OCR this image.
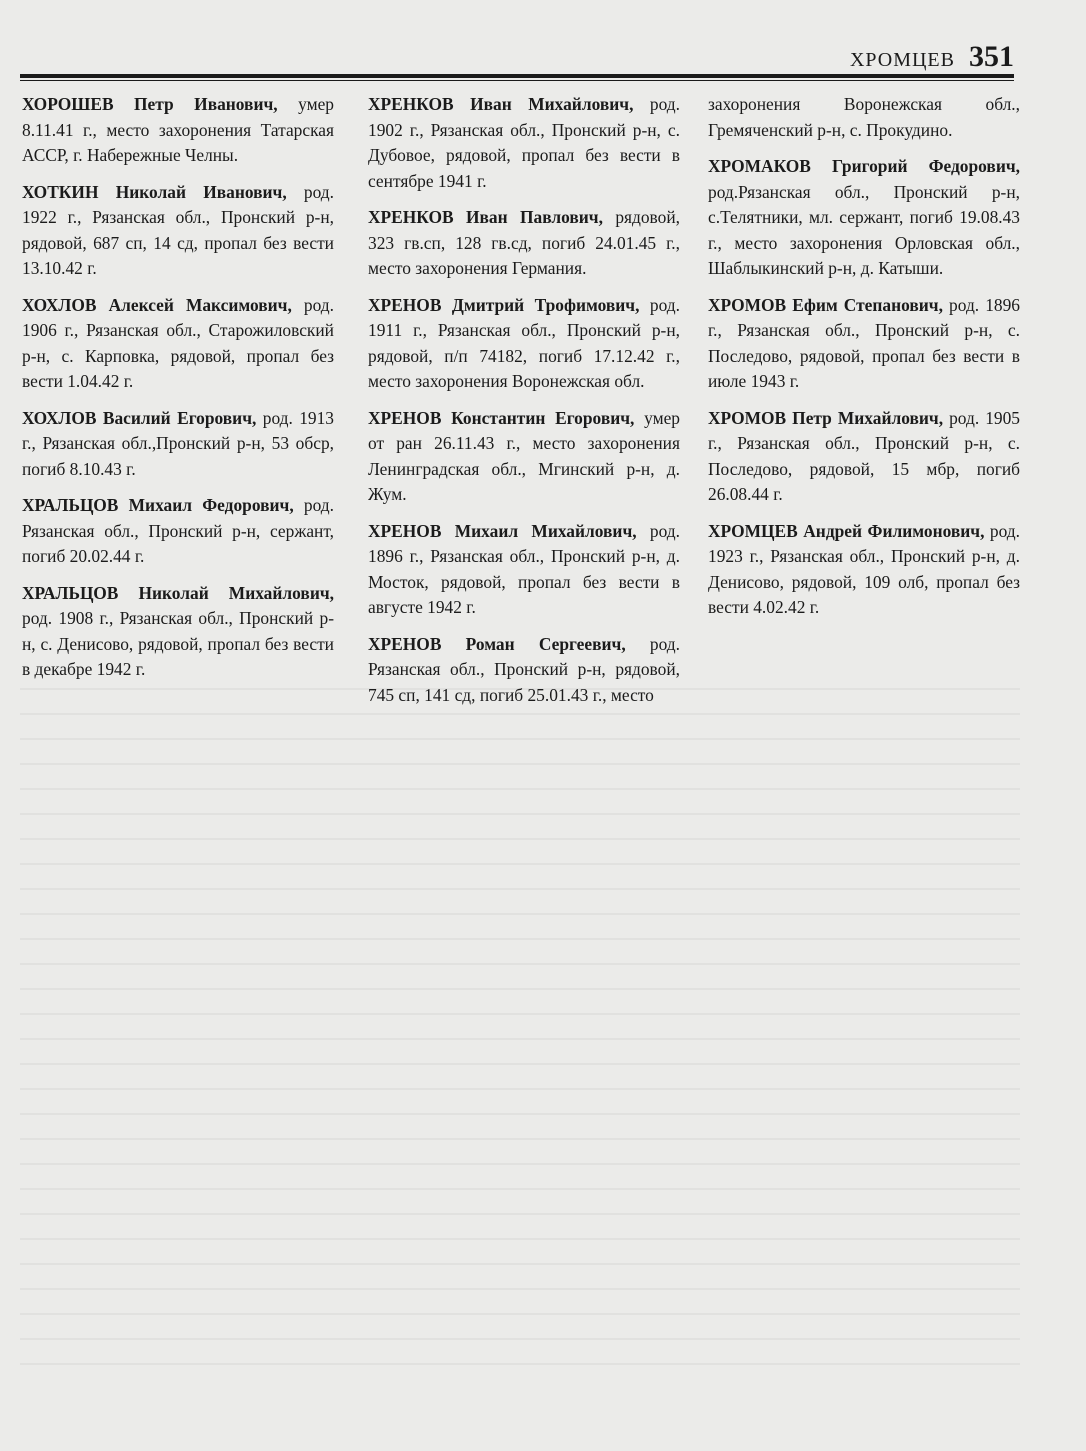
ХРОМЦЕВ 351

ХОРОШЕВ Петр Иванович, умер 8.11.41 г., место захоронения Татарская АССР, г. Набережные Челны.

ХОТКИН Николай Иванович, род. 1922 г., Рязанская обл., Пронский р-н, рядовой, 687 сп, 14 сд, пропал без вести 13.10.42 г.

ХОХЛОВ Алексей Максимович, род. 1906 г., Рязанская обл., Старожиловский р-н, с. Карповка, рядовой, пропал без вести 1.04.42 г.

ХОХЛОВ Василий Егорович, род. 1913 г., Рязанская обл.,Пронский р-н, 53 обср, погиб 8.10.43 г.

ХРАЛЬЦОВ Михаил Федорович, род. Рязанская обл., Пронский р-н, сержант, погиб 20.02.44 г.

ХРАЛЬЦОВ Николай Михайлович, род. 1908 г., Рязанская обл., Пронский р-н, с. Денисово, рядовой, пропал без вести в декабре 1942 г.

ХРЕНКОВ Иван Михайлович, род. 1902 г., Рязанская обл., Пронский р-н, с. Дубовое, рядовой, пропал без вести в сентябре 1941 г.

ХРЕНКОВ Иван Павлович, рядовой, 323 гв.сп, 128 гв.сд, погиб 24.01.45 г., место захоронения Германия.

ХРЕНОВ Дмитрий Трофимович, род. 1911 г., Рязанская обл., Пронский р-н, рядовой, п/п 74182, погиб 17.12.42 г., место захоронения Воронежская обл.

ХРЕНОВ Константин Егорович, умер от ран 26.11.43 г., место захоронения Ленинградская обл., Мгинский р-н, д. Жум.

ХРЕНОВ Михаил Михайлович, род. 1896 г., Рязанская обл., Пронский р-н, д. Мосток, рядовой, пропал без вести в августе 1942 г.

ХРЕНОВ Роман Сергеевич, род. Рязанская обл., Пронский р-н, рядовой, 745 сп, 141 сд, погиб 25.01.43 г., место

захоронения Воронежская обл., Гремяченский р-н, с. Прокудино.

ХРОМАКОВ Григорий Федорович, род.Рязанская обл., Пронский р-н, с.Телятники, мл. сержант, погиб 19.08.43 г., место захоронения Орловская обл., Шаблыкинский р-н, д. Катыши.

ХРОМОВ Ефим Степанович, род. 1896 г., Рязанская обл., Пронский р-н, с. Последово, рядовой, пропал без вести в июле 1943 г.

ХРОМОВ Петр Михайлович, род. 1905 г., Рязанская обл., Пронский р-н, с. Последово, рядовой, 15 мбр, погиб 26.08.44 г.

ХРОМЦЕВ Андрей Филимонович, род. 1923 г., Рязанская обл., Пронский р-н, д. Денисово, рядовой, 109 олб, пропал без вести 4.02.42 г.
